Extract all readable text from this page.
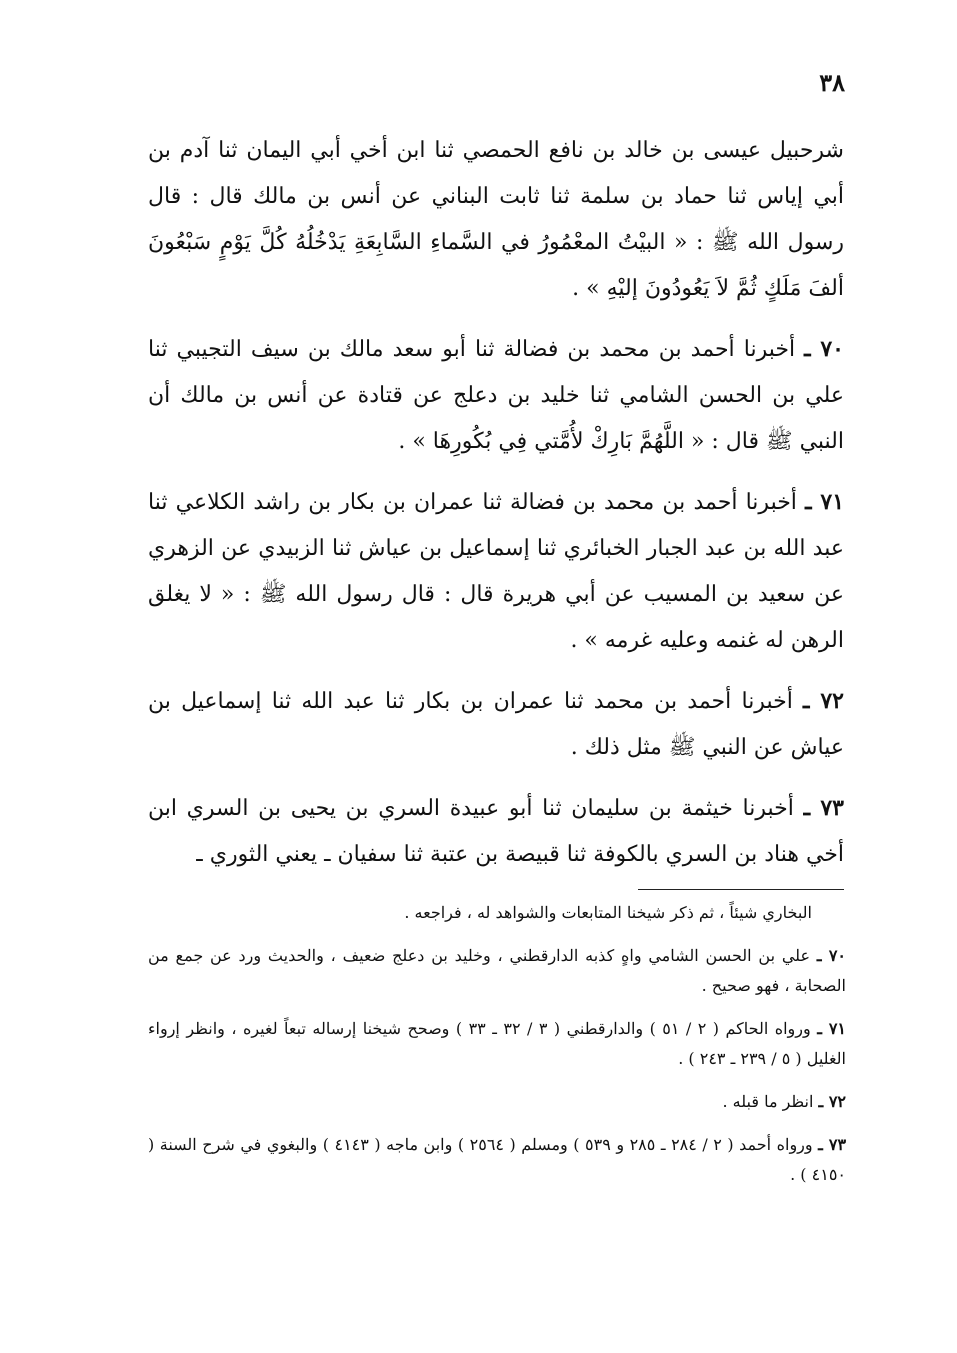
٣٨

شرحبيل عيسى بن خالد بن نافع الحمصي ثنا ابن أخي أبي اليمان ثنا آدم بن أبي إياس ثنا حماد بن سلمة ثنا ثابت البناني عن أنس بن مالك قال : قال رسول الله ﷺ : « البيْتُ المعْمُورُ في السَّماءِ السَّابِعَةِ يَدْخُلُهُ كُلَّ يَوْمٍ سَبْعُونَ ألفَ مَلَكٍ ثُمَّ لاَ يَعُودُونَ إليْهِ » .

٧٠ ـ أخبرنا أحمد بن محمد بن فضالة ثنا أبو سعد مالك بن سيف التجيبي ثنا علي بن الحسن الشامي ثنا خليد بن دعلج عن قتادة عن أنس بن مالك أن النبي ﷺ قال : « اللَّهُمَّ بَارِكْ لأُمَّتي فِي بُكُورِهَا » .

٧١ ـ أخبرنا أحمد بن محمد بن فضالة ثنا عمران بن بكار بن راشد الكلاعي ثنا عبد الله بن عبد الجبار الخبائري ثنا إسماعيل بن عياش ثنا الزبيدي عن الزهري عن سعيد بن المسيب عن أبي هريرة قال : قال رسول الله ﷺ : « لا يغلق الرهن له غنمه وعليه غرمه » .

٧٢ ـ أخبرنا أحمد بن محمد ثنا عمران بن بكار ثنا عبد الله ثنا إسماعيل بن عياش عن النبي ﷺ مثل ذلك .

٧٣ ـ أخبرنا خيثمة بن سليمان ثنا أبو عبيدة السري بن يحيى بن السري ابن أخي هناد بن السري بالكوفة ثنا قبيصة بن عتبة ثنا سفيان ـ يعني الثوري ـ

البخاري شيئاً ، ثم ذكر شيخنا المتابعات والشواهد له ، فراجعه .

٧٠ ـ علي بن الحسن الشامي واهٍ كذبه الدارقطني ، وخليد بن دعلج ضعيف ، والحديث ورد عن جمع من الصحابة ، فهو صحيح .

٧١ ـ ورواه الحاكم ( ٢ / ٥١ ) والدارقطني ( ٣ / ٣٢ ـ ٣٣ ) وصحح شيخنا إرساله تبعاً لغيره ، وانظر إرواء الغليل ( ٥ / ٢٣٩ ـ ٢٤٣ ) .

٧٢ ـ انظر ما قبله .

٧٣ ـ ورواه أحمد ( ٢ / ٢٨٤ ـ ٢٨٥ و ٥٣٩ ) ومسلم ( ٢٥٦٤ ) وابن ماجه ( ٤١٤٣ ) والبغوي في شرح السنة ( ٤١٥٠ ) .
